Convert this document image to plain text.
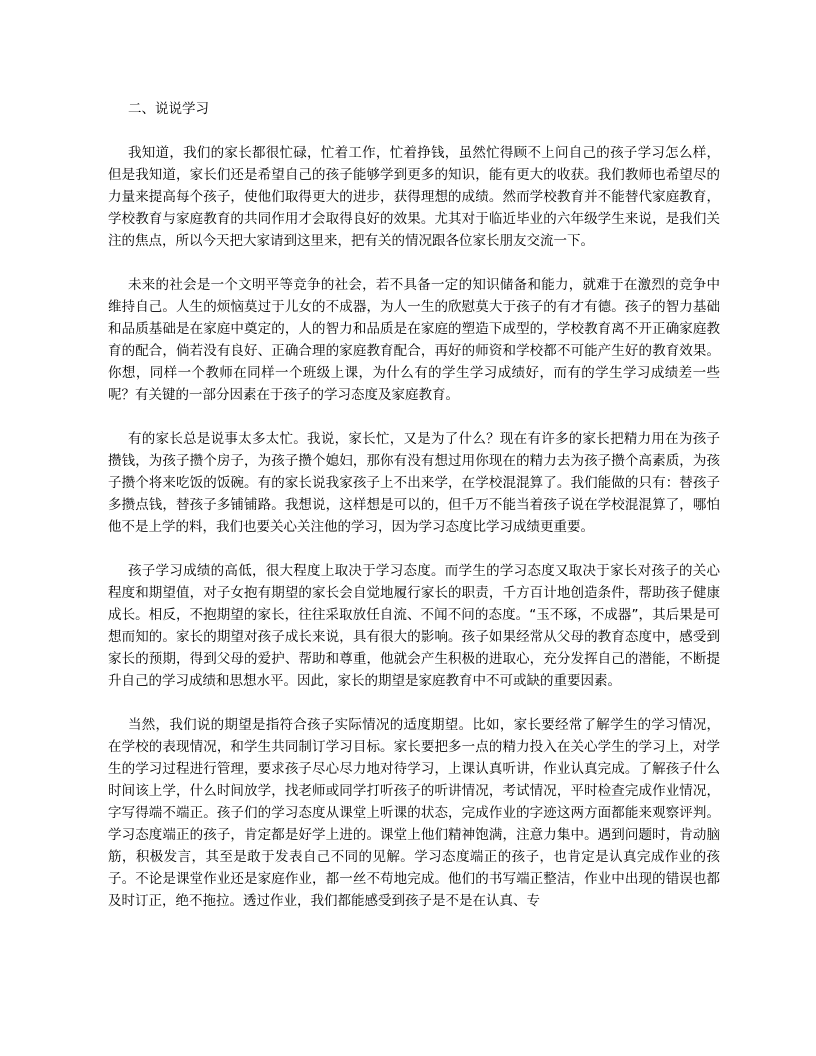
二、说说学习

我知道，我们的家长都很忙碌，忙着工作，忙着挣钱，虽然忙得顾不上问自己的孩子学习怎么样，但是我知道，家长们还是希望自己的孩子能够学到更多的知识，能有更大的收获。我们教师也希望尽的力量来提高每个孩子，使他们取得更大的进步，获得理想的成绩。然而学校教育并不能替代家庭教育，学校教育与家庭教育的共同作用才会取得良好的效果。尤其对于临近毕业的六年级学生来说，是我们关注的焦点，所以今天把大家请到这里来，把有关的情况跟各位家长朋友交流一下。

未来的社会是一个文明平等竞争的社会，若不具备一定的知识储备和能力，就难于在激烈的竞争中维持自己。人生的烦恼莫过于儿女的不成器，为人一生的欣慰莫大于孩子的有才有德。孩子的智力基础和品质基础是在家庭中奠定的，人的智力和品质是在家庭的塑造下成型的，学校教育离不开正确家庭教育的配合，倘若没有良好、正确合理的家庭教育配合，再好的师资和学校都不可能产生好的教育效果。你想，同样一个教师在同样一个班级上课，为什么有的学生学习成绩好，而有的学生学习成绩差一些呢？有关键的一部分因素在于孩子的学习态度及家庭教育。

有的家长总是说事太多太忙。我说，家长忙，又是为了什么？现在有许多的家长把精力用在为孩子攒钱，为孩子攒个房子，为孩子攒个媳妇，那你有没有想过用你现在的精力去为孩子攒个高素质，为孩子攒个将来吃饭的饭碗。有的家长说我家孩子上不出来学，在学校混混算了。我们能做的只有：替孩子多攒点钱，替孩子多铺铺路。我想说，这样想是可以的，但千万不能当着孩子说在学校混混算了，哪怕他不是上学的料，我们也要关心关注他的学习，因为学习态度比学习成绩更重要。

孩子学习成绩的高低，很大程度上取决于学习态度。而学生的学习态度又取决于家长对孩子的关心程度和期望值，对子女抱有期望的家长会自觉地履行家长的职责，千方百计地创造条件，帮助孩子健康成长。相反，不抱期望的家长，往往采取放任自流、不闻不问的态度。“玉不琢，不成器”，其后果是可想而知的。家长的期望对孩子成长来说，具有很大的影响。孩子如果经常从父母的教育态度中，感受到家长的预期，得到父母的爱护、帮助和尊重，他就会产生积极的进取心，充分发挥自己的潜能，不断提升自己的学习成绩和思想水平。因此，家长的期望是家庭教育中不可或缺的重要因素。

当然，我们说的期望是指符合孩子实际情况的适度期望。比如，家长要经常了解学生的学习情况，在学校的表现情况，和学生共同制订学习目标。家长要把多一点的精力投入在关心学生的学习上，对学生的学习过程进行管理，要求孩子尽心尽力地对待学习，上课认真听讲，作业认真完成。了解孩子什么时间该上学，什么时间放学，找老师或同学打听孩子的听讲情况，考试情况，平时检查完成作业情况，字写得端不端正。孩子们的学习态度从课堂上听课的状态，完成作业的字迹这两方面都能来观察评判。学习态度端正的孩子，肯定都是好学上进的。课堂上他们精神饱满，注意力集中。遇到问题时，肯动脑筋，积极发言，其至是敢于发表自己不同的见解。学习态度端正的孩子，也肯定是认真完成作业的孩子。不论是课堂作业还是家庭作业，都一丝不苟地完成。他们的书写端正整洁，作业中出现的错误也都及时订正，绝不拖拉。透过作业，我们都能感受到孩子是不是在认真、专
